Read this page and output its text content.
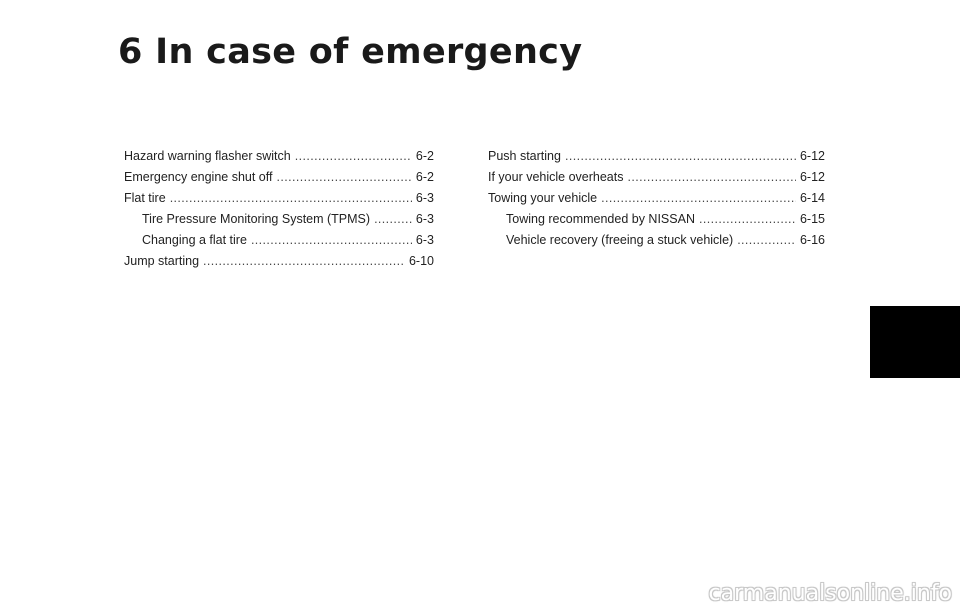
6 In case of emergency
Hazard warning flasher switch .....	6-2
Emergency engine shut off .....	6-2
Flat tire .....	6-3
Tire Pressure Monitoring System (TPMS) .....	6-3
Changing a flat tire .....	6-3
Jump starting .....	6-10
Push starting .....	6-12
If your vehicle overheats .....	6-12
Towing your vehicle .....	6-14
Towing recommended by NISSAN .....	6-15
Vehicle recovery (freeing a stuck vehicle) .....	6-16
carmanualsonline.info
